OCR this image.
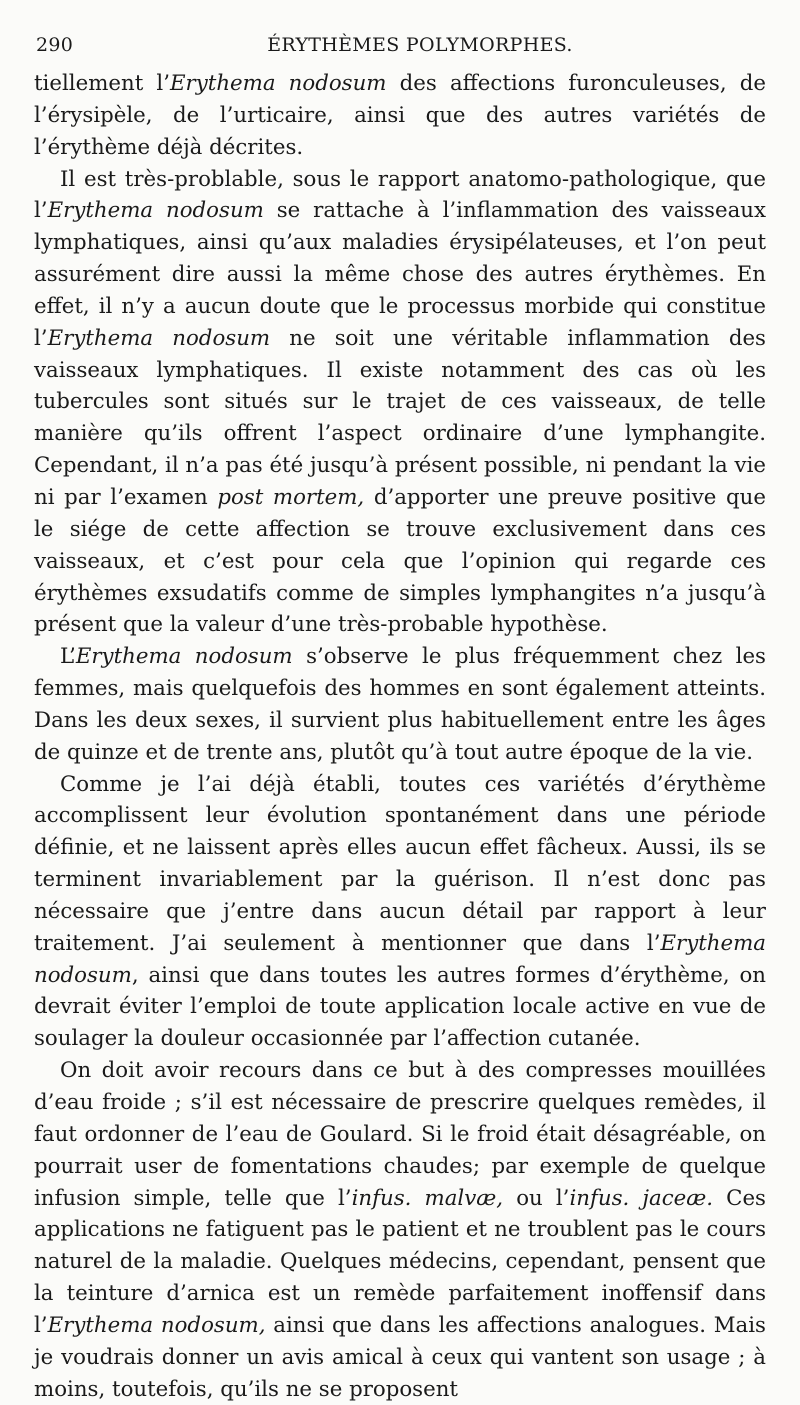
290	ÉRYTHÈMES POLYMORPHES.

tiellement l’Erythema nodosum des affections furonculeuses, de l’érysipèle, de l’urticaire, ainsi que des autres variétés de l’érythème déjà décrites.

Il est très-problable, sous le rapport anatomo-pathologique, que l’Erythema nodosum se rattache à l’inflammation des vaisseaux lymphatiques, ainsi qu’aux maladies érysipélateuses, et l’on peut assurément dire aussi la même chose des autres érythèmes. En effet, il n’y a aucun doute que le processus morbide qui constitue l’Erythema nodosum ne soit une véritable inflammation des vaisseaux lymphatiques. Il existe notamment des cas où les tubercules sont situés sur le trajet de ces vaisseaux, de telle manière qu’ils offrent l’aspect ordinaire d’une lymphangite. Cependant, il n’a pas été jusqu’à présent possible, ni pendant la vie ni par l’examen post mortem, d’apporter une preuve positive que le siége de cette affection se trouve exclusivement dans ces vaisseaux, et c’est pour cela que l’opinion qui regarde ces érythèmes exsudatifs comme de simples lymphangites n’a jusqu’à présent que la valeur d’une très-probable hypothèse.

L’Erythema nodosum s’observe le plus fréquemment chez les femmes, mais quelquefois des hommes en sont également atteints. Dans les deux sexes, il survient plus habituellement entre les âges de quinze et de trente ans, plutôt qu’à tout autre époque de la vie.

Comme je l’ai déjà établi, toutes ces variétés d’érythème accomplissent leur évolution spontanément dans une période définie, et ne laissent après elles aucun effet fâcheux. Aussi, ils se terminent invariablement par la guérison. Il n’est donc pas nécessaire que j’entre dans aucun détail par rapport à leur traitement. J’ai seulement à mentionner que dans l’Erythema nodosum, ainsi que dans toutes les autres formes d’érythème, on devrait éviter l’emploi de toute application locale active en vue de soulager la douleur occasionnée par l’affection cutanée.

On doit avoir recours dans ce but à des compresses mouillées d’eau froide ; s’il est nécessaire de prescrire quelques remèdes, il faut ordonner de l’eau de Goulard. Si le froid était désagréable, on pourrait user de fomentations chaudes; par exemple de quelque infusion simple, telle que l’infus. malvæ, ou l’infus. jaceæ. Ces applications ne fatiguent pas le patient et ne troublent pas le cours naturel de la maladie. Quelques médecins, cependant, pensent que la teinture d’arnica est un remède parfaitement inoffensif dans l’Erythema nodosum, ainsi que dans les affections analogues. Mais je voudrais donner un avis amical à ceux qui vantent son usage ; à moins, toutefois, qu’ils ne se proposent
